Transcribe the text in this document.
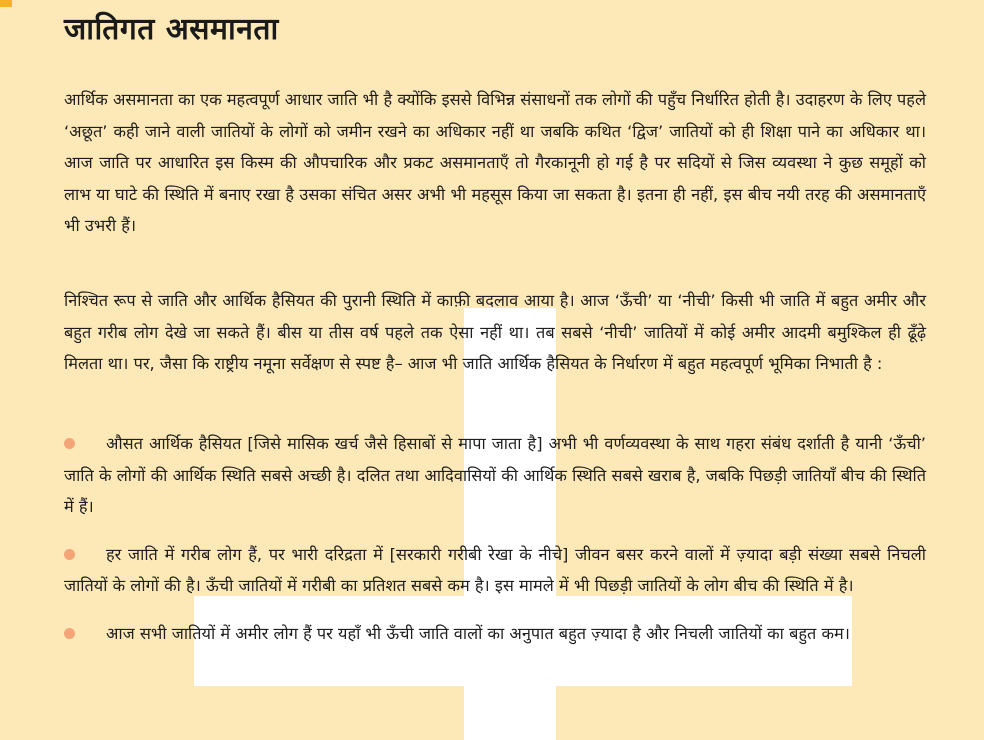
जातिगत असमानता

आर्थिक असमानता का एक महत्वपूर्ण आधार जाति भी है क्योंकि इससे विभिन्न संसाधनों तक लोगों की पहुँच निर्धारित होती है। उदाहरण के लिए पहले ‘अछूत’ कही जाने वाली जातियों के लोगों को जमीन रखने का अधिकार नहीं था जबकि कथित ‘द्विज’ जातियों को ही शिक्षा पाने का अधिकार था। आज जाति पर आधारित इस किस्म की औपचारिक और प्रकट असमानताएँ तो गैरकानूनी हो गई है पर सदियों से जिस व्यवस्था ने कुछ समूहों को लाभ या घाटे की स्थिति में बनाए रखा है उसका संचित असर अभी भी महसूस किया जा सकता है। इतना ही नहीं, इस बीच नयी तरह की असमानताएँ भी उभरी हैं।

निश्चित रूप से जाति और आर्थिक हैसियत की पुरानी स्थिति में काफ़ी बदलाव आया है। आज ‘ऊँची’ या ‘नीची’ किसी भी जाति में बहुत अमीर और बहुत गरीब लोग देखे जा सकते हैं। बीस या तीस वर्ष पहले तक ऐसा नहीं था। तब सबसे ‘नीची’ जातियों में कोई अमीर आदमी बमुश्किल ही ढूँढ़े मिलता था। पर, जैसा कि राष्ट्रीय नमूना सर्वेक्षण से स्पष्ट है– आज भी जाति आर्थिक हैसियत के निर्धारण में बहुत महत्वपूर्ण भूमिका निभाती है :

औसत आर्थिक हैसियत [जिसे मासिक खर्च जैसे हिसाबों से मापा जाता है] अभी भी वर्णव्यवस्था के साथ गहरा संबंध दर्शाती है यानी ‘ऊँची’ जाति के लोगों की आर्थिक स्थिति सबसे अच्छी है। दलित तथा आदिवासियों की आर्थिक स्थिति सबसे खराब है, जबकि पिछड़ी जातियाँ बीच की स्थिति में हैं।
हर जाति में गरीब लोग हैं, पर भारी दरिद्रता में [सरकारी गरीबी रेखा के नीचे] जीवन बसर करने वालों में ज़्यादा बड़ी संख्या सबसे निचली जातियों के लोगों की है। ऊँची जातियों में गरीबी का प्रतिशत सबसे कम है। इस मामले में भी पिछड़ी जातियों के लोग बीच की स्थिति में है।
आज सभी जातियों में अमीर लोग हैं पर यहाँ भी ऊँची जाति वालों का अनुपात बहुत ज़्यादा है और निचली जातियों का बहुत कम।
